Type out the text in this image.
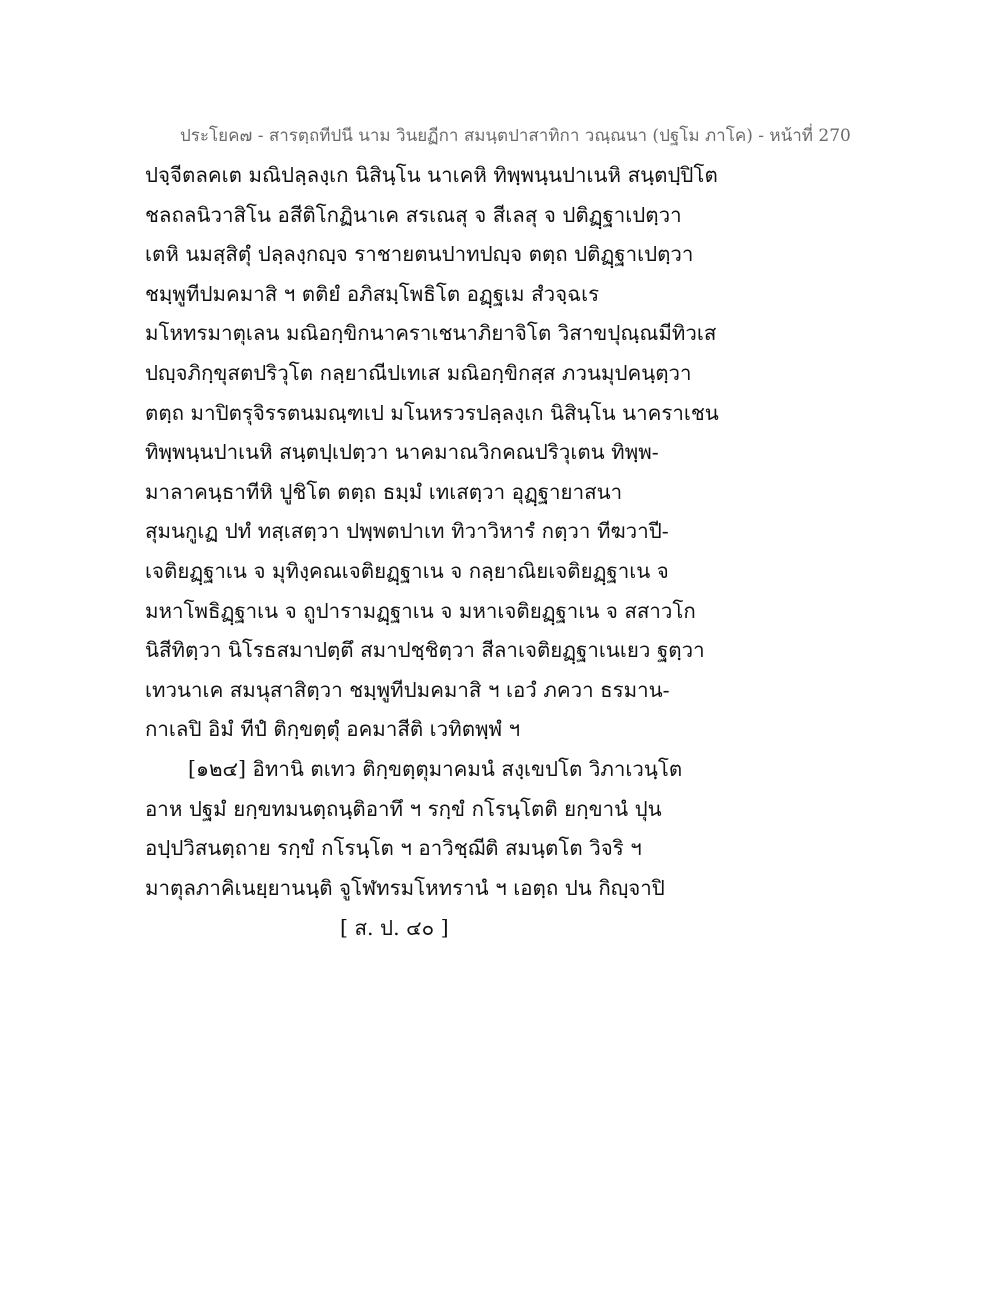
ประโยค๗ - สารตฺถทีปนี นาม วินยฏีกา สมนฺตปาสาทิกา วณฺณนา (ปฐโม ภาโค) - หน้าที่ 270
ปจฺจีตลคเต มณิปลฺลงฺเก นิสินฺโน นาเคหิ ทิพฺพนฺนปาเนหิ สนฺตปฺปิโต
ชลถลนิวาสิโน อสีติโกฏินาเค สรเณสุ จ สีเลสุ จ ปติฏฺฐาเปตฺวา
เตหิ นมสฺสิตุํ ปลฺลงฺกญฺจ ราชายตนปาทปญฺจ ตตฺถ ปติฏฺฐาเปตฺวา
ชมฺพูทีปมคมาสิ ฯ ตติยํ อภิสมฺโพธิโต อฏฺฐเม สํวจฺฉเร
มโหทรมาตุเลน มณิอกฺขิกนาคราเชนาภิยาจิโต วิสาขปุณฺณมีทิวเส
ปญฺจภิกฺขุสตปริวุโต กลฺยาณีปเทเส มณิอกฺขิกสฺส ภวนมุปคนฺตฺวา
ตตฺถ มาปิตรุจิรรตนมณฺฑเป มโนหรวรปลฺลงฺเก นิสินฺโน นาคราเชน
ทิพฺพนฺนปาเนหิ สนฺตปฺเปตฺวา นาคมาณวิกคณปริวุเตน ทิพฺพ-
มาลาคนฺธาทีหิ ปูชิโต ตตฺถ ธมฺมํ เทเสตฺวา อุฏฺฐายาสนา
สุมนกูเฏ ปทํ ทสฺเสตฺวา ปพฺพตปาเท ทิวาวิหารํ กตฺวา ทีฆวาปี-
เจติยฏฺฐาเน จ มุทิงฺคณเจติยฏฺฐาเน จ กลฺยาณิยเจติยฏฺฐาเน จ
มหาโพธิฏฺฐาเน จ ถูปารามฏฺฐาเน จ มหาเจติยฏฺฐาเน จ สสาวโก
นิสีทิตฺวา นิโรธสมาปตฺตึ สมาปชฺชิตฺวา สีลาเจติยฏฺฐาเนเยว ฐตฺวา
เทวนาเค สมนุสาสิตฺวา ชมฺพูทีปมคมาสิ ฯ เอวํ ภควา ธรมาน-
กาเลปิ อิมํ ทีปํ ติกฺขตฺตุํ อคมาสีติ เวทิตพฺพํ ฯ
[๑๒๔] อิทานิ ตเทว ติกฺขตฺตุมาคมนํ สงฺเขปโต วิภาเวนฺโต
อาห ปฐมํ ยกฺขทมนตฺถนฺติอาทึ ฯ รกฺขํ กโรนฺโตติ ยกฺขานํ ปุน
อปฺปวิสนตฺถาย รกฺขํ กโรนฺโต ฯ อาวิชฺฌีติ สมนฺตโต วิจริ ฯ
มาตุลภาคิเนยฺยานนฺติ จูโฬทรมโหทรานํ ฯ เอตฺถ ปน กิญฺจาปิ
[ ส. ป. ๔๐ ]
